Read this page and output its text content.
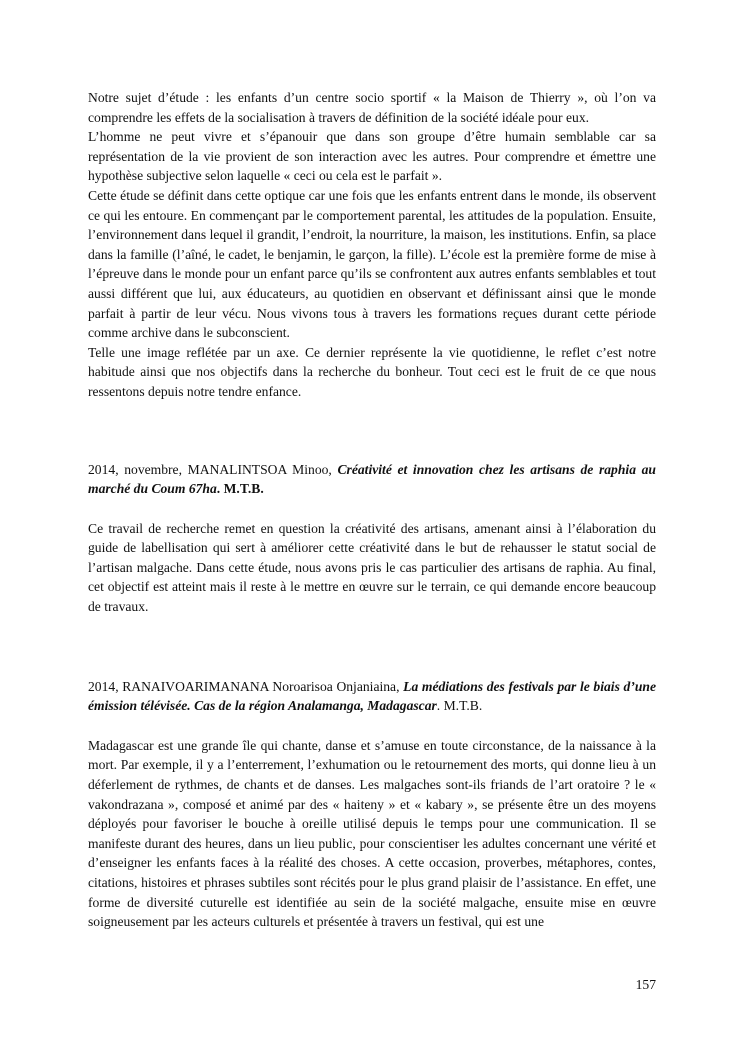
Notre sujet d’étude : les enfants d’un centre socio sportif « la Maison de Thierry », où l’on va comprendre les effets de la socialisation à travers de définition de la société idéale pour eux.

L’homme ne peut vivre et s’épanouir que dans son groupe d’être humain semblable car sa représentation de la vie provient de son interaction avec les autres. Pour comprendre et émettre une hypothèse subjective selon laquelle « ceci ou cela est le parfait ».

Cette étude se définit dans cette optique car une fois que les enfants entrent dans le monde, ils observent ce qui les entoure. En commençant par le comportement parental, les attitudes de la population. Ensuite, l’environnement dans lequel il grandit, l’endroit, la nourriture, la maison, les institutions. Enfin, sa place dans la famille (l’aîné, le cadet, le benjamin, le garçon, la fille). L’école est la première forme de mise à l’épreuve dans le monde pour un enfant parce qu’ils se confrontent aux autres enfants semblables et tout aussi différent que lui, aux éducateurs, au quotidien en observant et définissant ainsi que le monde parfait à partir de leur vécu. Nous vivons tous à travers les formations reçues durant cette période comme archive dans le subconscient.

Telle une image reflétée par un axe. Ce dernier représente la vie quotidienne, le reflet c’est notre habitude ainsi que nos objectifs dans la recherche du bonheur. Tout ceci est le fruit de ce que nous ressentons depuis notre tendre enfance.

2014, novembre, MANALINTSOA Minoo, Créativité et innovation chez les artisans de raphia au marché du Coum 67ha. M.T.B.

Ce travail de recherche remet en question la créativité des artisans, amenant ainsi à l’élaboration du guide de labellisation qui sert à améliorer cette créativité dans le but de rehausser le statut social de l’artisan malgache. Dans cette étude, nous avons pris le cas particulier des artisans de raphia. Au final, cet objectif est atteint mais il reste à le mettre en œuvre sur le terrain, ce qui demande encore beaucoup de travaux.

2014, RANAIVOARIMANANA Noroarisoa Onjaniaina, La médiations des festivals par le biais d’une émission télévisée. Cas de la région Analamanga, Madagascar. M.T.B.

Madagascar est une grande île qui chante, danse et s’amuse en toute circonstance, de la naissance à la mort. Par exemple, il y a l’enterrement, l’exhumation ou le retournement des morts, qui donne lieu à un déferlement de rythmes, de chants et de danses. Les malgaches sont-ils friands de l’art oratoire ? le « vakondrazana », composé et animé par des « haiteny » et « kabary », se présente être un des moyens déployés pour favoriser le bouche à oreille utilisé depuis le temps pour une communication. Il se manifeste durant des heures, dans un lieu public, pour conscientiser les adultes concernant une vérité et d’enseigner les enfants faces à la réalité des choses. A cette occasion, proverbes, métaphores, contes, citations, histoires et phrases subtiles sont récités pour le plus grand plaisir de l’assistance. En effet, une forme de diversité cuturelle est identifiée au sein de la société malgache, ensuite mise en œuvre soigneusement par les acteurs culturels et présentée à travers un festival, qui est une

157
